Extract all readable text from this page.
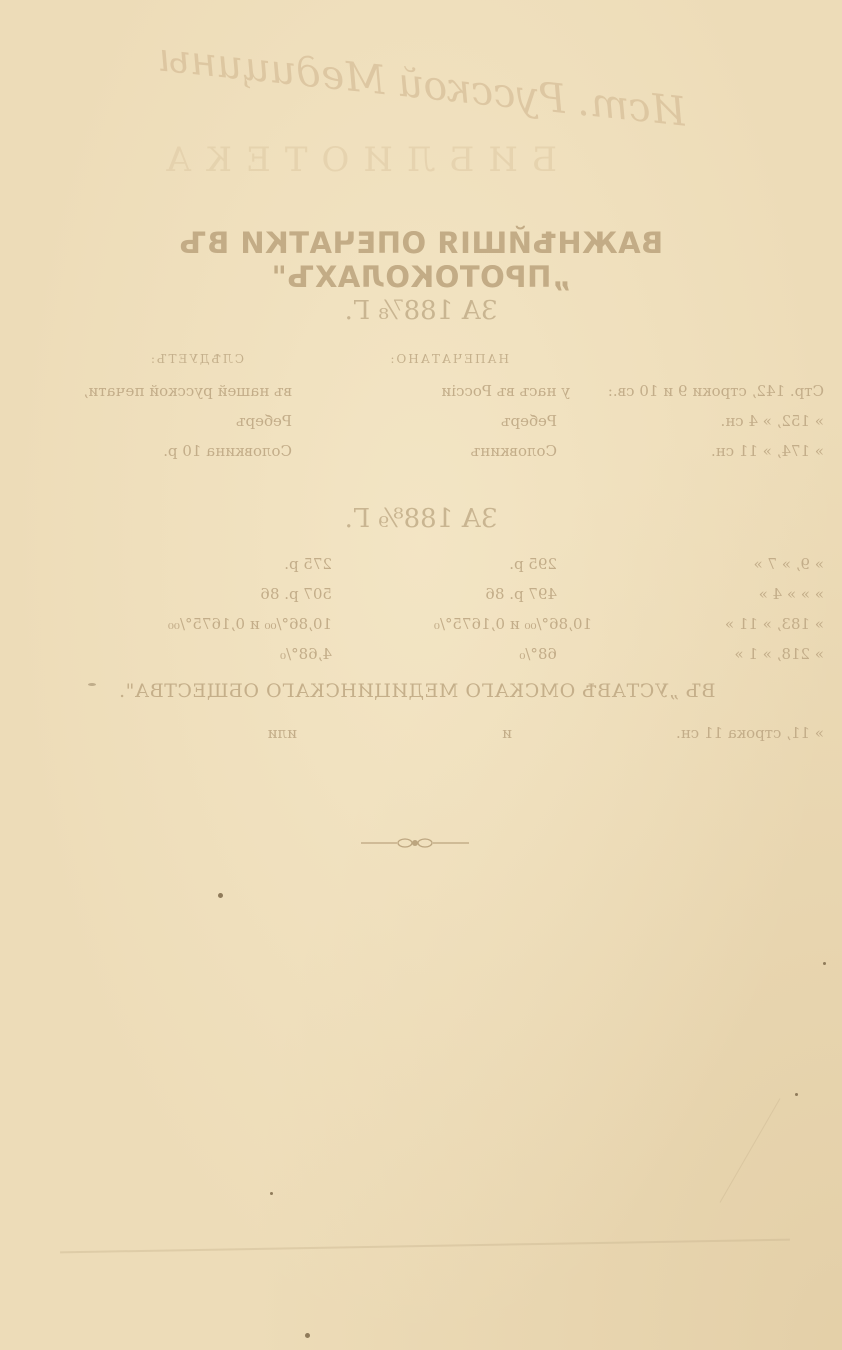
Ист. Русской Медицины
БИБЛИОТЕКА
ВАЖНѢЙШІЯ ОПЕЧАТКИ ВЪ „ПРОТОКОЛАХЪ"
ЗА 188⁷⁄₈ Г.
НАПЕЧАТАНО:
СЛѢДУЕТЪ:
Стр. 142, строки 9 и 10 св.:
у насъ въ Россіи
въ нашей русской печати,
» 152, » 4 сн.
Реберъ
Реберъ
» 174, » 11 сн.
Соловкинъ
Соловкина 10 р.
ЗА 188⁸⁄₉ Г.
» 9, » 7 »
295 р.
275 р.
» » » 4 »
497 р. 86
507 р. 86
» 183, » 11 »
10,86°/₀₀ и 0,1675°/₀
10,86°/₀₀ и 0,1675°/₀₀
» 218, » 1 »
68°/₀
4,68°/₀
ВЪ „УСТАВѢ ОМСКАГО МЕДИЦИНСКАГО ОБЩЕСТВА".
» 11, строка 11 сн.
и
или
